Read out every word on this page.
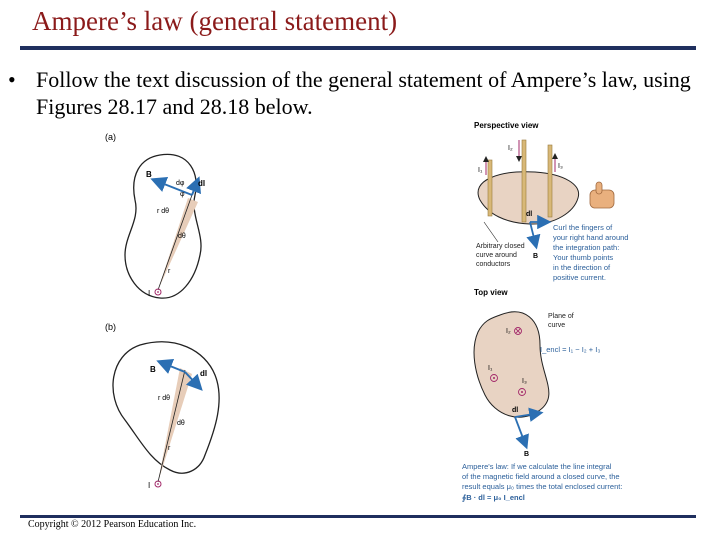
Ampere’s law (general statement)
• Follow the text discussion of the general statement of Ampere’s law, using Figures 28.17 and 28.18 below.
(a)
B
dl
dφ
φ
r dθ
dθ
r
I
(b)
B	dl
r dθ
dθ
r
I
Perspective view
I₁
I₂
I₃
dl
B
Arbitrary closed curve around conductors
Curl the fingers of your right hand around the integration path: Your thumb points in the direction of positive current.
Top view
I₂
I₁
I₃
dl
B
Plane of curve
I_encl = I₁ − I₂ + I₃
Ampere's law: If we calculate the line integral of the magnetic field around a closed curve, the result equals μ₀ times the total enclosed current: ∮B · dl = μ₀ I_encl
Copyright © 2012 Pearson Education Inc.
